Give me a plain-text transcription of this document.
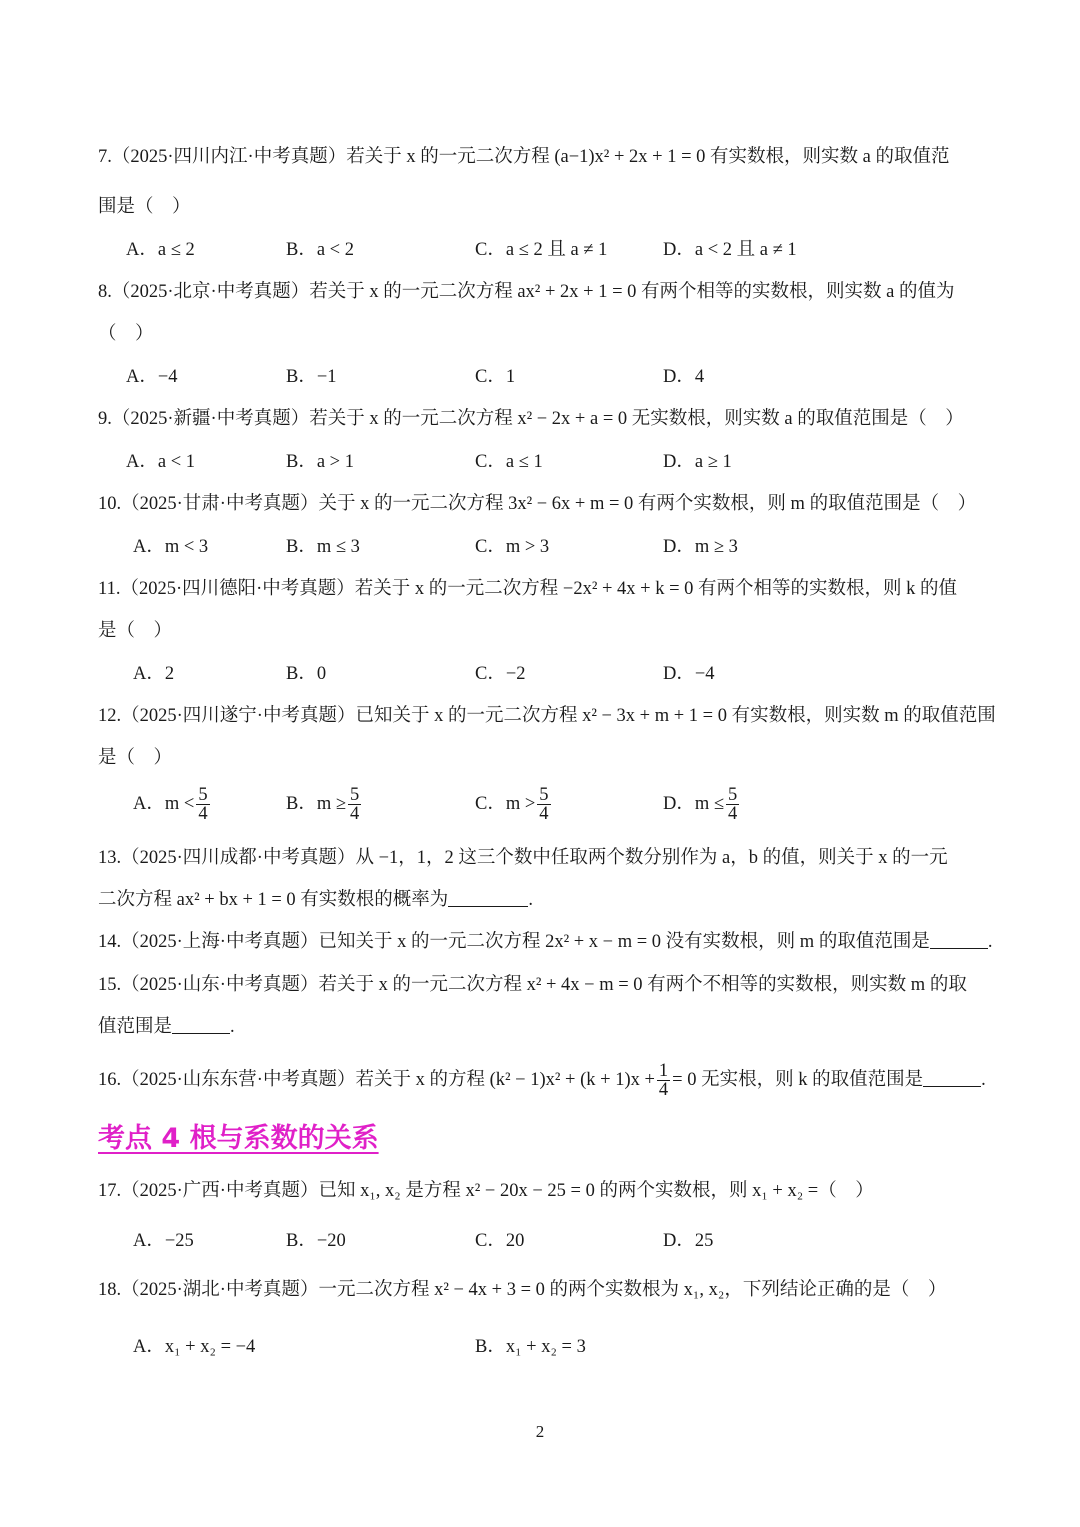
7.（2025·四川内江·中考真题）若关于 x 的一元二次方程 (a−1)x² + 2x + 1 = 0 有实数根，则实数 a 的取值范
围是（　）
A．a ≤ 2	B．a < 2	C．a ≤ 2 且 a ≠ 1	D．a < 2 且 a ≠ 1
8.（2025·北京·中考真题）若关于 x 的一元二次方程 ax² + 2x + 1 = 0 有两个相等的实数根，则实数 a 的值为
（　）
A．−4	B．−1	C．1	D．4
9.（2025·新疆·中考真题）若关于 x 的一元二次方程 x² − 2x + a = 0 无实数根，则实数 a 的取值范围是（　）
A．a < 1	B．a > 1	C．a ≤ 1	D．a ≥ 1
10.（2025·甘肃·中考真题）关于 x 的一元二次方程 3x² − 6x + m = 0 有两个实数根，则 m 的取值范围是（　）
A．m < 3	B．m ≤ 3	C．m > 3	D．m ≥ 3
11.（2025·四川德阳·中考真题）若关于 x 的一元二次方程 −2x² + 4x + k = 0 有两个相等的实数根，则 k 的值
是（　）
A．2	B．0	C．−2	D．−4
12.（2025·四川遂宁·中考真题）已知关于 x 的一元二次方程 x² − 3x + m + 1 = 0 有实数根，则实数 m 的取值范围
是（　）
A．$m < \frac{5}{4}$	B．$m \ge \frac{5}{4}$	C．$m > \frac{5}{4}$	D．$m \le \frac{5}{4}$
13.（2025·四川成都·中考真题）从 −1，1，2 这三个数中任取两个数分别作为 a，b 的值，则关于 x 的一元
二次方程 ax² + bx + 1 = 0 有实数根的概率为	.
14.（2025·上海·中考真题）已知关于 x 的一元二次方程 2x² + x − m = 0 没有实数根，则 m 的取值范围是	.
15.（2025·山东·中考真题）若关于 x 的一元二次方程 x² + 4x − m = 0 有两个不相等的实数根，则实数 m 的取
值范围是	.
16.（2025·山东东营·中考真题）若关于 x 的方程 $(k^2 - 1)x^2 + (k + 1)x + \frac{1}{4} = 0$ 无实根，则 k 的取值范围是	.
考点 4 根与系数的关系
17.（2025·广西·中考真题）已知 x₁, x₂ 是方程 x² − 20x − 25 = 0 的两个实数根，则 x₁ + x₂ =（　）
A．−25	B．−20	C．20	D．25
18.（2025·湖北·中考真题）一元二次方程 x² − 4x + 3 = 0 的两个实数根为 x₁, x₂，下列结论正确的是（　）
A．x₁ + x₂ = −4	B．x₁ + x₂ = 3
2
